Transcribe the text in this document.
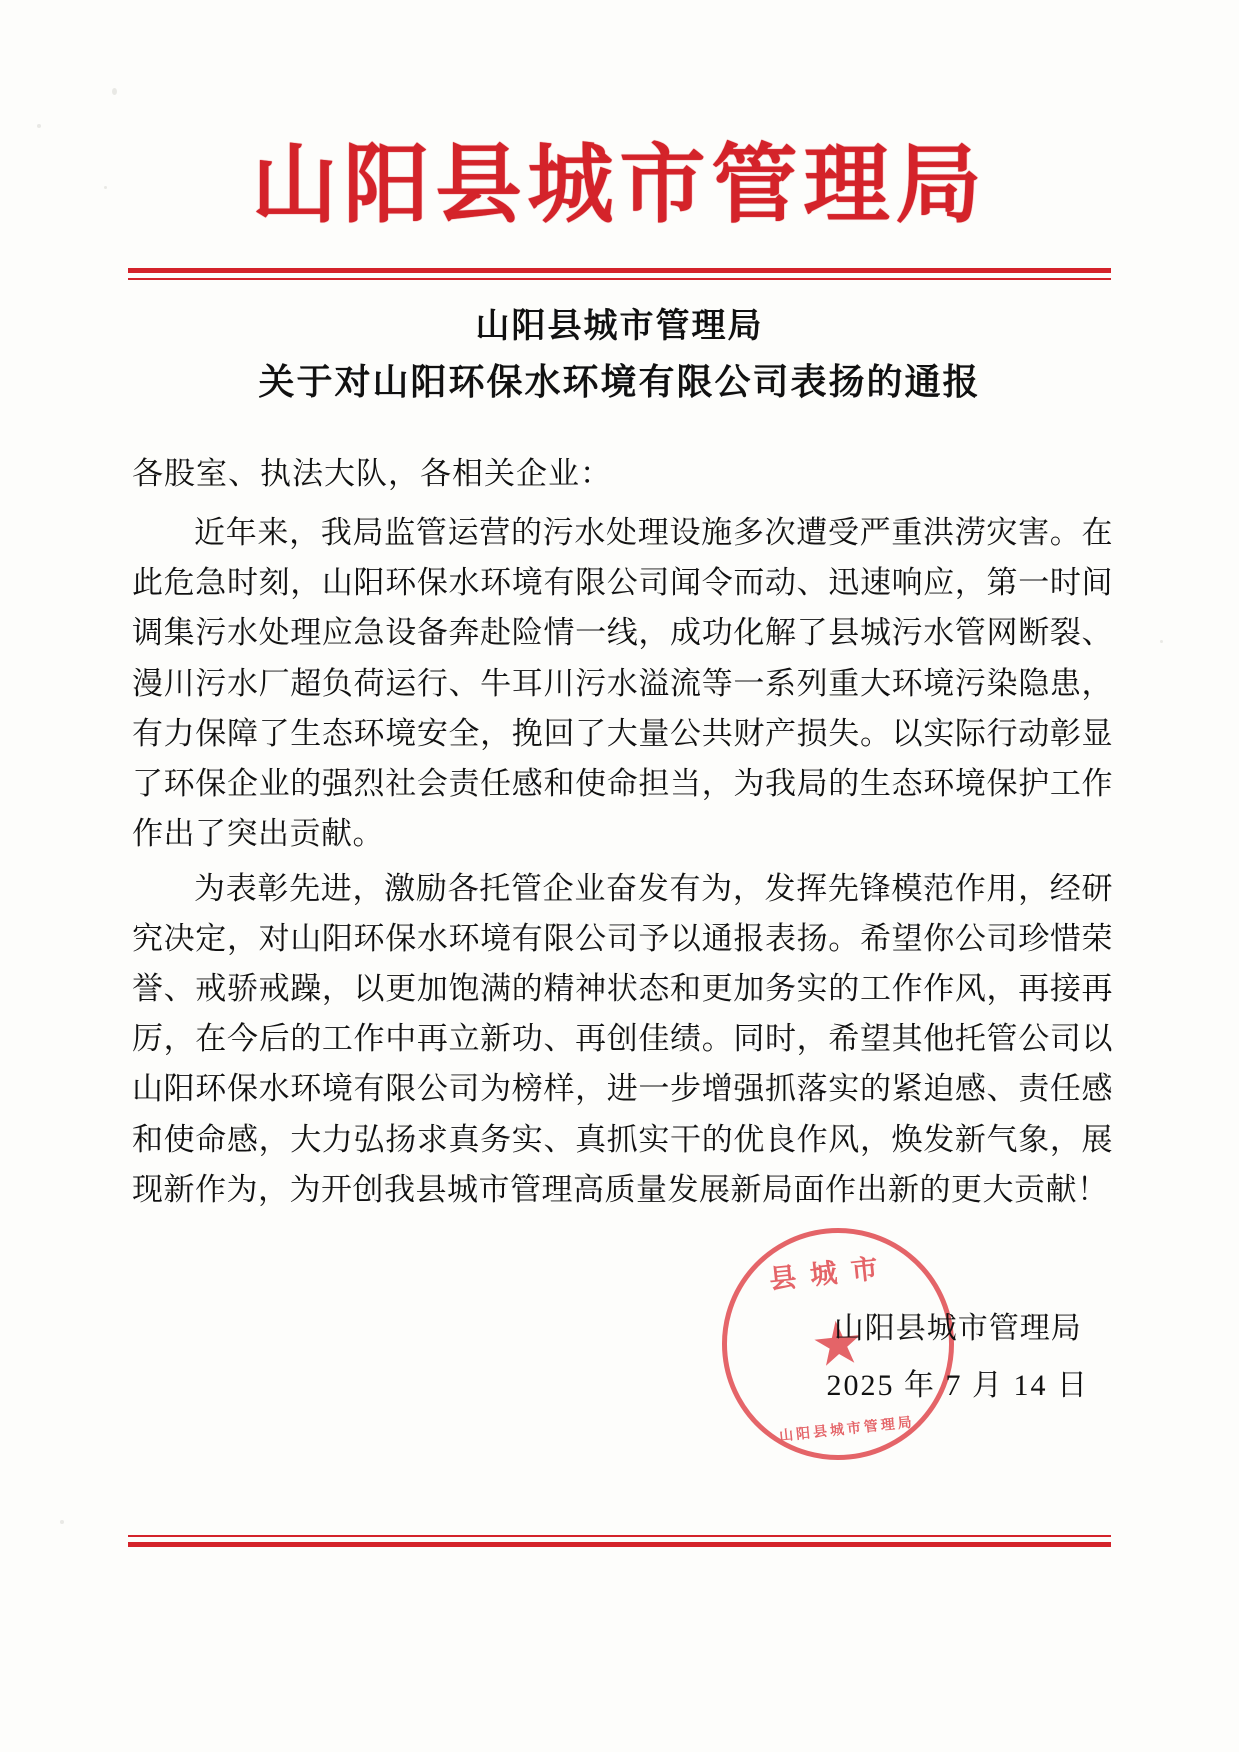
山阳县城市管理局
山阳县城市管理局
关于对山阳环保水环境有限公司表扬的通报
各股室、执法大队，各相关企业：

近年来，我局监管运营的污水处理设施多次遭受严重洪涝灾害。在此危急时刻，山阳环保水环境有限公司闻令而动、迅速响应，第一时间调集污水处理应急设备奔赴险情一线，成功化解了县城污水管网断裂、漫川污水厂超负荷运行、牛耳川污水溢流等一系列重大环境污染隐患，有力保障了生态环境安全，挽回了大量公共财产损失。以实际行动彰显了环保企业的强烈社会责任感和使命担当，为我局的生态环境保护工作作出了突出贡献。

为表彰先进，激励各托管企业奋发有为，发挥先锋模范作用，经研究决定，对山阳环保水环境有限公司予以通报表扬。希望你公司珍惜荣誉、戒骄戒躁，以更加饱满的精神状态和更加务实的工作作风，再接再厉，在今后的工作中再立新功、再创佳绩。同时，希望其他托管公司以山阳环保水环境有限公司为榜样，进一步增强抓落实的紧迫感、责任感和使命感，大力弘扬求真务实、真抓实干的优良作风，焕发新气象，展现新作为，为开创我县城市管理高质量发展新局面作出新的更大贡献！

县城市
★
山阳县城市管理局
山阳县城市管理局
2025 年 7 月 14 日
